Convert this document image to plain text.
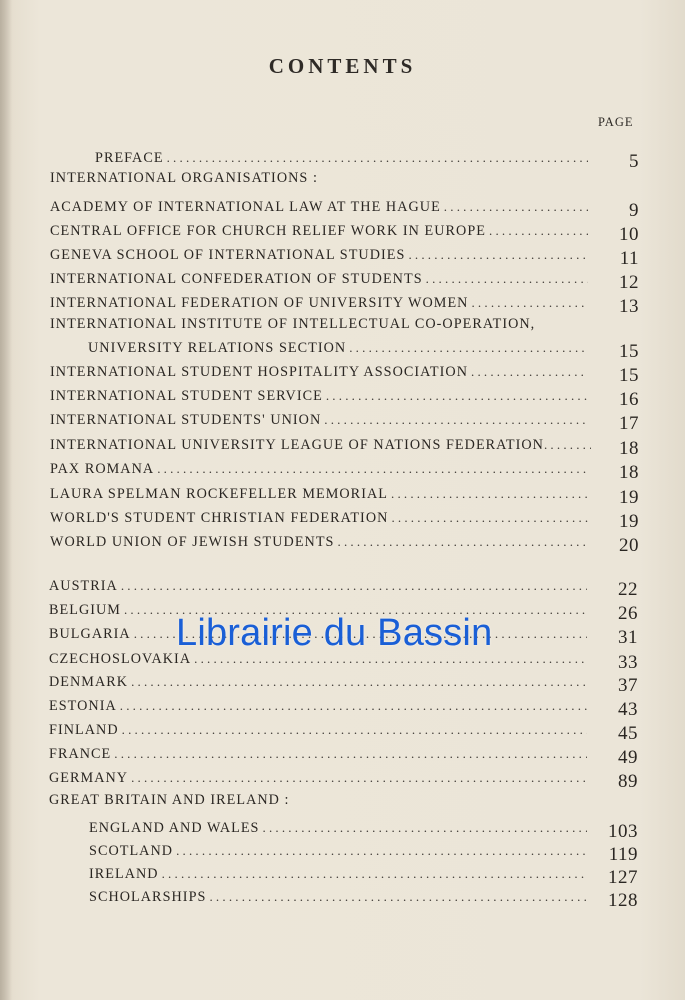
CONTENTS
PAGE
PREFACE .....	5
INTERNATIONAL ORGANISATIONS :
ACADEMY OF INTERNATIONAL LAW AT THE HAGUE .....	9
CENTRAL OFFICE FOR CHURCH RELIEF WORK IN EUROPE .....	10
GENEVA SCHOOL OF INTERNATIONAL STUDIES .....	11
INTERNATIONAL CONFEDERATION OF STUDENTS .....	12
INTERNATIONAL FEDERATION OF UNIVERSITY WOMEN .....	13
INTERNATIONAL INSTITUTE OF INTELLECTUAL CO-OPERATION,
UNIVERSITY RELATIONS SECTION .....	15
INTERNATIONAL STUDENT HOSPITALITY ASSOCIATION .....	15
INTERNATIONAL STUDENT SERVICE .....	16
INTERNATIONAL STUDENTS' UNION .....	17
INTERNATIONAL UNIVERSITY LEAGUE OF NATIONS FEDERATION .....	18
PAX ROMANA .....	18
LAURA SPELMAN ROCKEFELLER MEMORIAL .....	19
WORLD'S STUDENT CHRISTIAN FEDERATION .....	19
WORLD UNION OF JEWISH STUDENTS .....	20
AUSTRIA .....	22
BELGIUM .....	26
BULGARIA .....	31
CZECHOSLOVAKIA .....	33
DENMARK .....	37
ESTONIA .....	43
FINLAND .....	45
FRANCE .....	49
GERMANY .....	89
GREAT BRITAIN AND IRELAND :
ENGLAND AND WALES .....	103
SCOTLAND .....	119
IRELAND .....	127
SCHOLARSHIPS .....	128
Librairie du Bassin
